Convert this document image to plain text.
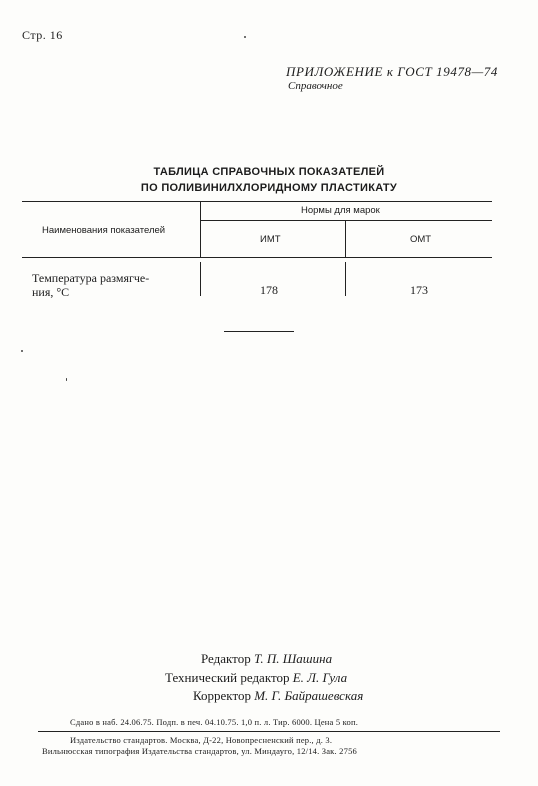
Стр. 16
ПРИЛОЖЕНИЕ к ГОСТ 19478—74
Справочное
ТАБЛИЦА СПРАВОЧНЫХ ПОКАЗАТЕЛЕЙ
ПО ПОЛИВИНИЛХЛОРИДНОМУ ПЛАСТИКАТУ
Наименования показателей
Нормы для марок
ИМТ	ОМТ
Температура размягче-
ния, °С	178	173
Редактор Т. П. Шашина
Технический редактор Е. Л. Гула
Корректор М. Г. Байрашевская
Сдано в наб. 24.06.75. Подп. в печ. 04.10.75. 1,0 п. л. Тир. 6000. Цена 5 коп.
Издательство стандартов. Москва, Д-22, Новопресненский пер., д. 3.
Вильнюсская типография Издательства стандартов, ул. Миндауго, 12/14. Зак. 2756
